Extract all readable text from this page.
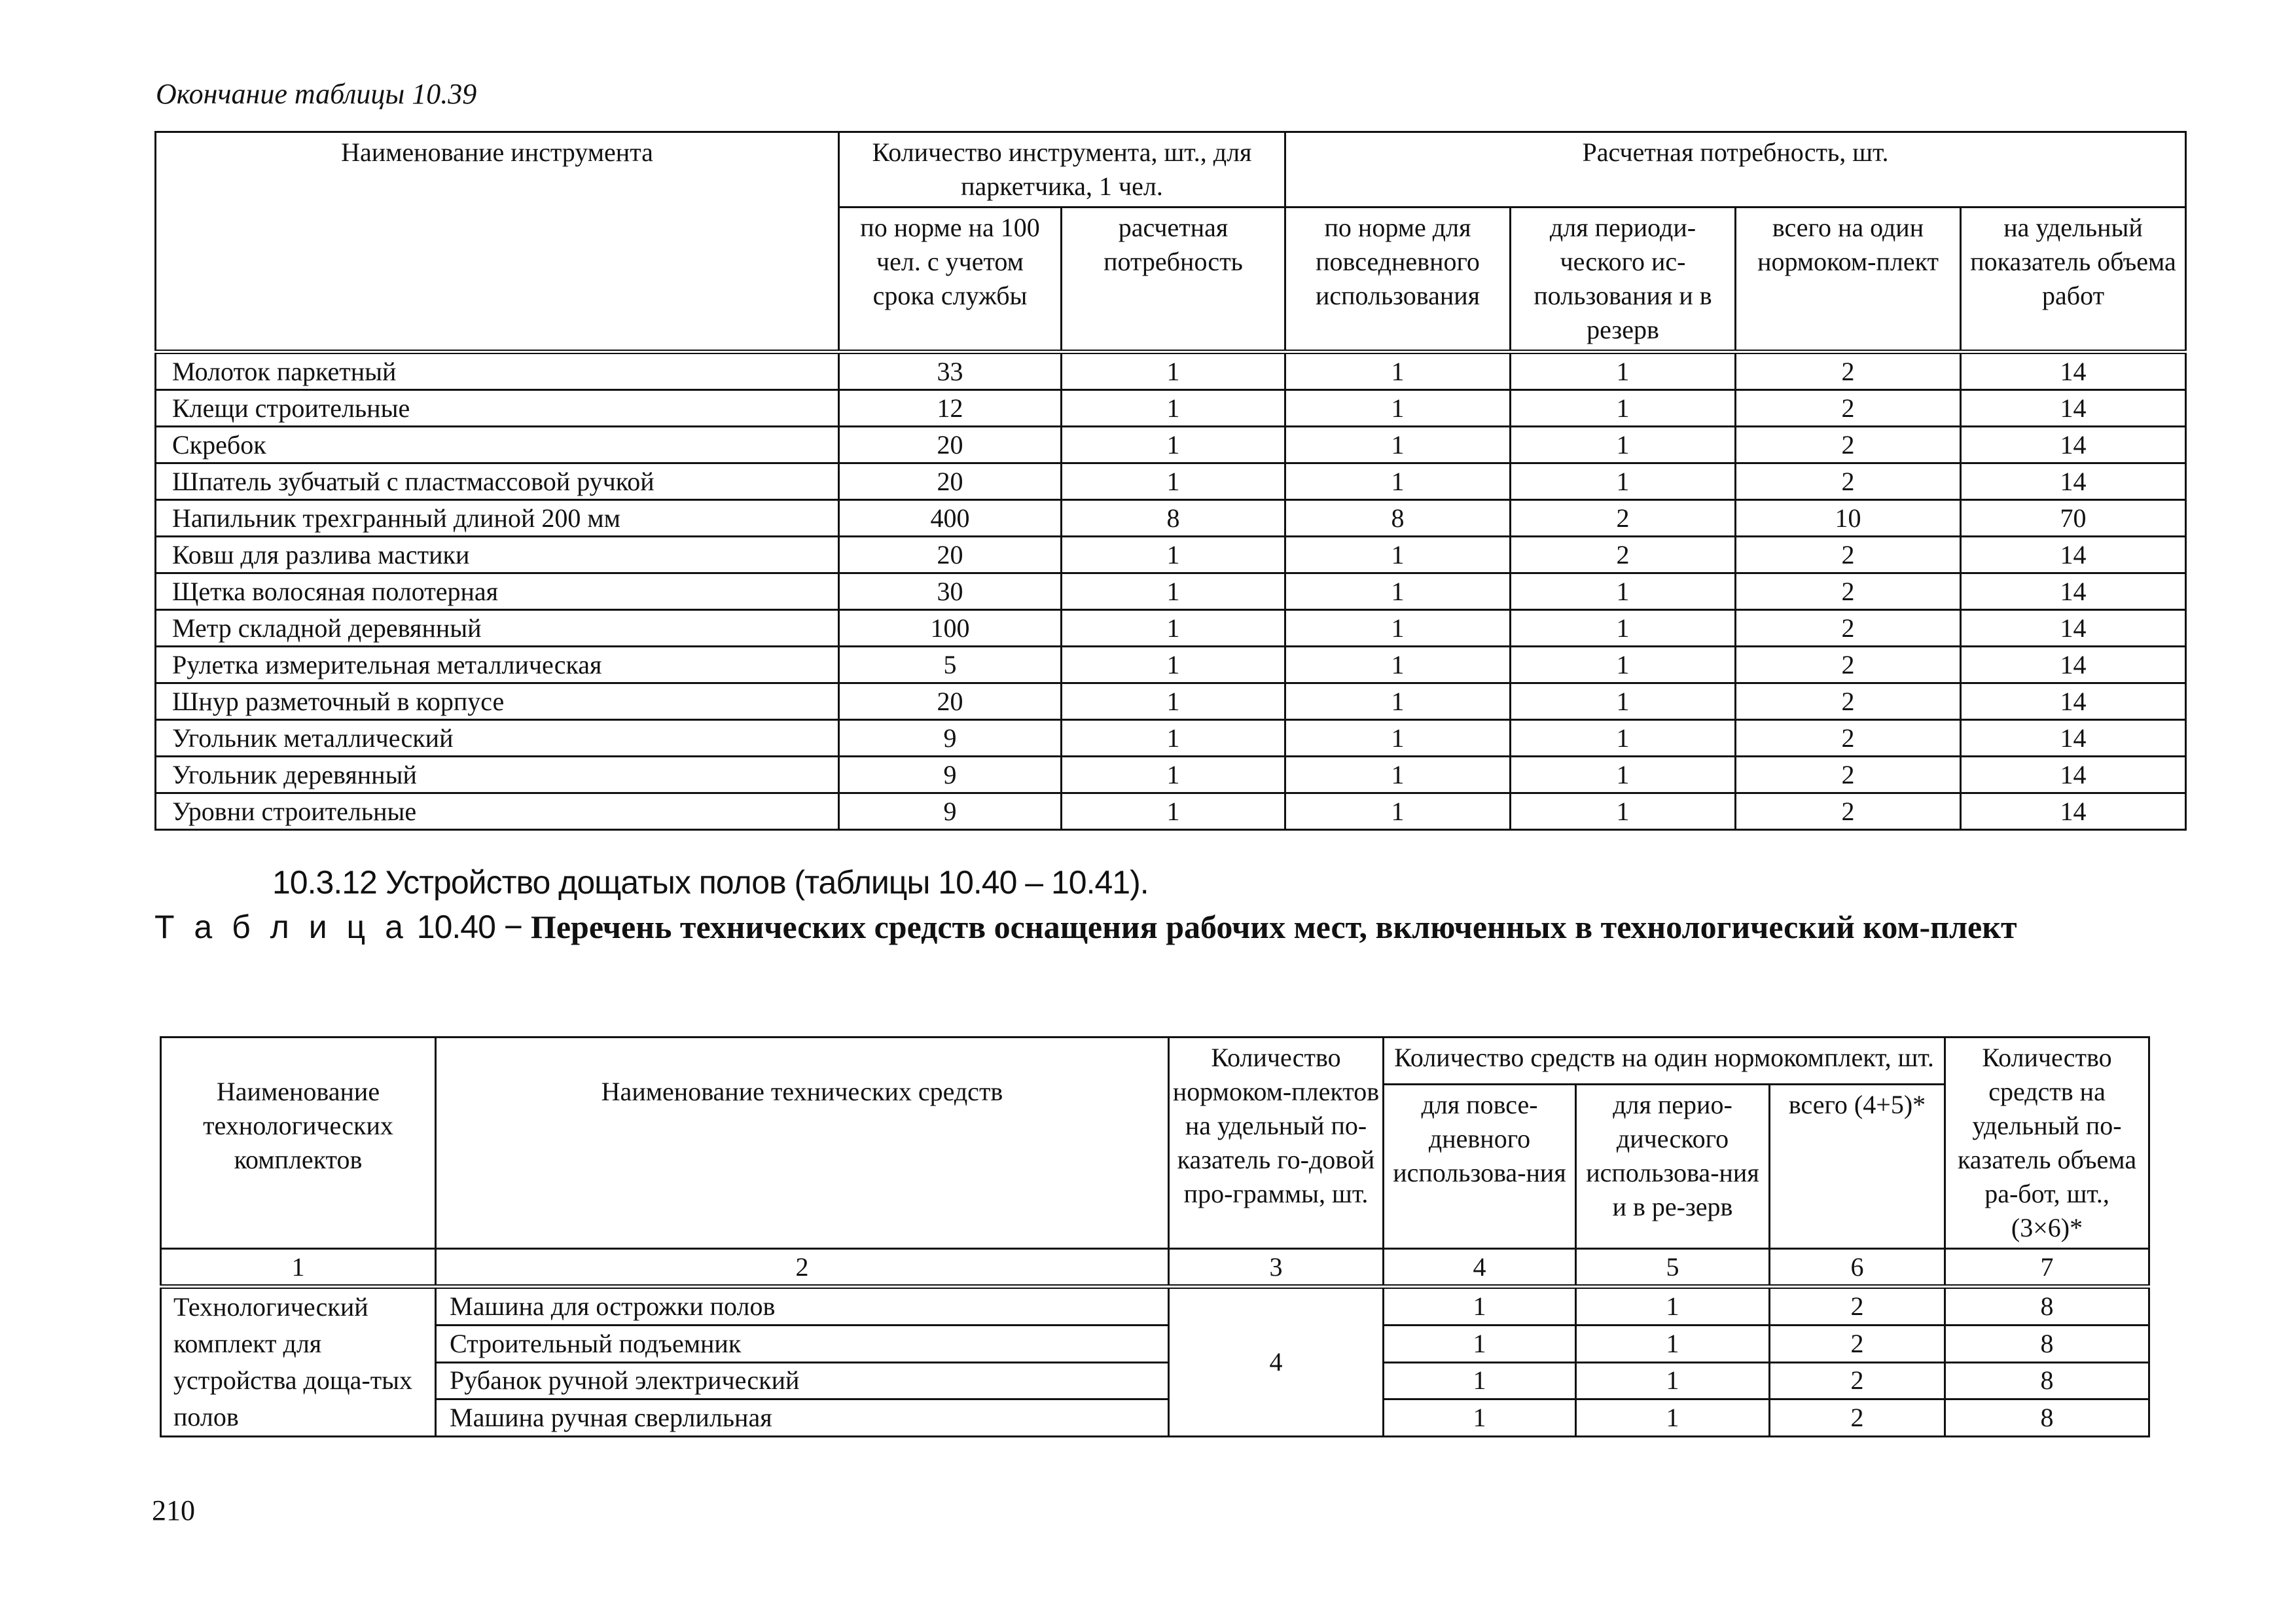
Окончание таблицы 10.39
Наименование инструмента	Количество инструмента, шт., для паркетчика, 1 чел.		Расчетная потребность, шт.			
	по норме на 100 чел. с учетом срока службы	расчетная потребность	по норме для повседневного использования	для периоди-ческого ис-пользования и в резерв	всего на один нормоком-плект	на удельный показатель объема работ
Молоток паркетный	33	1	1	1	2	14
Клещи строительные	12	1	1	1	2	14
Скребок	20	1	1	1	2	14
Шпатель зубчатый с пластмассовой ручкой	20	1	1	1	2	14
Напильник трехгранный длиной 200 мм	400	8	8	2	10	70
Ковш для разлива мастики	20	1	1	2	2	14
Щетка волосяная полотерная	30	1	1	1	2	14
Метр складной деревянный	100	1	1	1	2	14
Рулетка измерительная металлическая	5	1	1	1	2	14
Шнур разметочный в корпусе	20	1	1	1	2	14
Угольник металлический	9	1	1	1	2	14
Угольник деревянный	9	1	1	1	2	14
Уровни строительные	9	1	1	1	2	14
10.3.12 Устройство дощатых полов (таблицы 10.40 – 10.41).
Т а б л и ц а 10.40 − Перечень технических средств оснащения рабочих мест, включенных в технологический ком-плект
Наименование технологических комплектов	Наименование технических средств	Количество нормоком-плектов на удельный по-казатель го-довой про-граммы, шт.	Количество средств на один нормокомплект, шт.			Количество средств на удельный по-казатель объема ра-бот, шт., (3×6)*
			для повсе-дневного использова-ния	для перио-дического использова-ния и в ре-зерв	всего (4+5)*	
1	2	3	4	5	6	7
Технологический комплект для устройства доща-тых полов	Машина для острожки полов	4	1	1	2	8
	Строительный подъемник		1	1	2	8
	Рубанок ручной электрический		1	1	2	8
	Машина ручная сверлильная		1	1	2	8
210
